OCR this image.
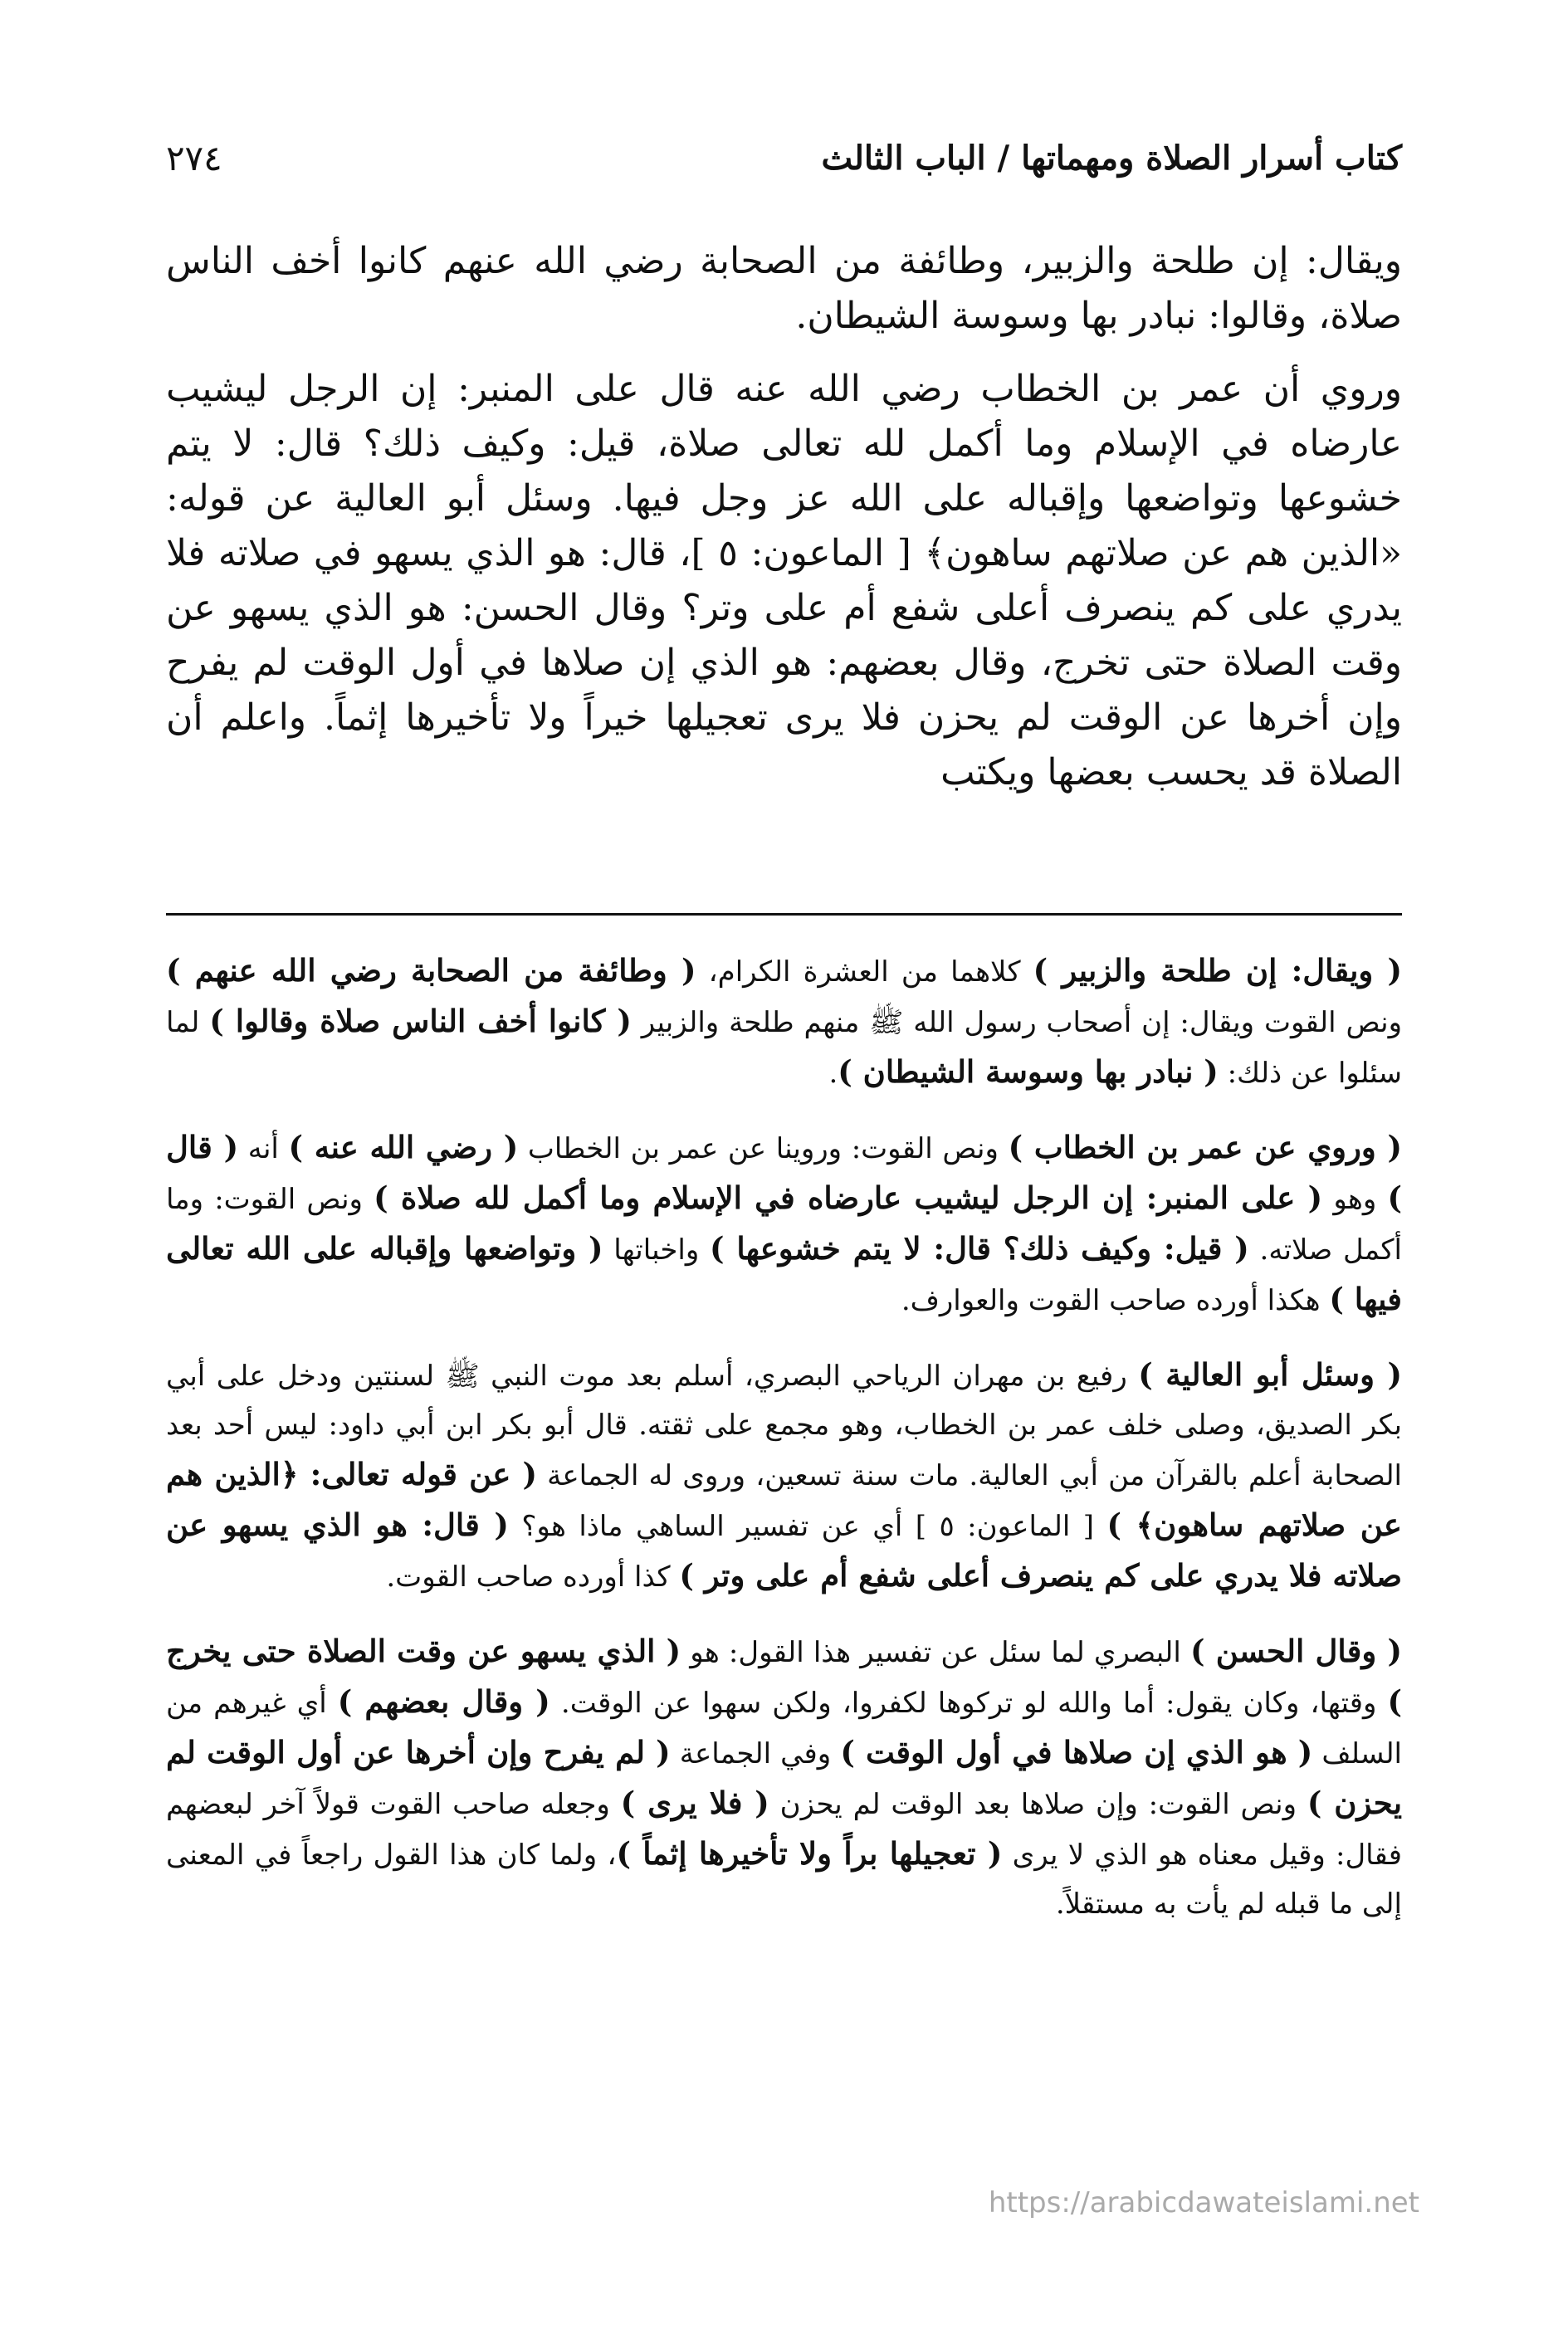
كتاب أسرار الصلاة ومهماتها / الباب الثالث
٢٧٤

ويقال: إن طلحة والزبير، وطائفة من الصحابة رضي الله عنهم كانوا أخف الناس صلاة، وقالوا: نبادر بها وسوسة الشيطان.

وروي أن عمر بن الخطاب رضي الله عنه قال على المنبر: إن الرجل ليشيب عارضاه في الإسلام وما أكمل لله تعالى صلاة، قيل: وكيف ذلك؟ قال: لا يتم خشوعها وتواضعها وإقباله على الله عز وجل فيها. وسئل أبو العالية عن قوله: «الذين هم عن صلاتهم ساهون﴾ [ الماعون: ٥ ]، قال: هو الذي يسهو في صلاته فلا يدري على كم ينصرف أعلى شفع أم على وتر؟ وقال الحسن: هو الذي يسهو عن وقت الصلاة حتى تخرج، وقال بعضهم: هو الذي إن صلاها في أول الوقت لم يفرح وإن أخرها عن الوقت لم يحزن فلا يرى تعجيلها خيراً ولا تأخيرها إثماً. واعلم أن الصلاة قد يحسب بعضها ويكتب

( ويقال: إن طلحة والزبير ) كلاهما من العشرة الكرام، ( وطائفة من الصحابة رضي الله عنهم ) ونص القوت ويقال: إن أصحاب رسول الله ﷺ منهم طلحة والزبير ( كانوا أخف الناس صلاة وقالوا ) لما سئلوا عن ذلك: ( نبادر بها وسوسة الشيطان ).

( وروي عن عمر بن الخطاب ) ونص القوت: وروينا عن عمر بن الخطاب ( رضي الله عنه ) أنه ( قال ) وهو ( على المنبر: إن الرجل ليشيب عارضاه في الإسلام وما أكمل لله صلاة ) ونص القوت: وما أكمل صلاته. ( قيل: وكيف ذلك؟ قال: لا يتم خشوعها ) واخباتها ( وتواضعها وإقباله على الله تعالى فيها ) هكذا أورده صاحب القوت والعوارف.

( وسئل أبو العالية ) رفيع بن مهران الرياحي البصري، أسلم بعد موت النبي ﷺ لسنتين ودخل على أبي بكر الصديق، وصلى خلف عمر بن الخطاب، وهو مجمع على ثقته. قال أبو بكر ابن أبي داود: ليس أحد بعد الصحابة أعلم بالقرآن من أبي العالية. مات سنة تسعين، وروى له الجماعة ( عن قوله تعالى: ﴿الذين هم عن صلاتهم ساهون﴾ ) [ الماعون: ٥ ] أي عن تفسير الساهي ماذا هو؟ ( قال: هو الذي يسهو عن صلاته فلا يدري على كم ينصرف أعلى شفع أم على وتر ) كذا أورده صاحب القوت.

( وقال الحسن ) البصري لما سئل عن تفسير هذا القول: هو ( الذي يسهو عن وقت الصلاة حتى يخرج ) وقتها، وكان يقول: أما والله لو تركوها لكفروا، ولكن سهوا عن الوقت. ( وقال بعضهم ) أي غيرهم من السلف ( هو الذي إن صلاها في أول الوقت ) وفي الجماعة ( لم يفرح وإن أخرها عن أول الوقت لم يحزن ) ونص القوت: وإن صلاها بعد الوقت لم يحزن ( فلا يرى ) وجعله صاحب القوت قولاً آخر لبعضهم فقال: وقيل معناه هو الذي لا يرى ( تعجيلها براً ولا تأخيرها إثماً )، ولما كان هذا القول راجعاً في المعنى إلى ما قبله لم يأت به مستقلاً.

https://arabicdawateislami.net
